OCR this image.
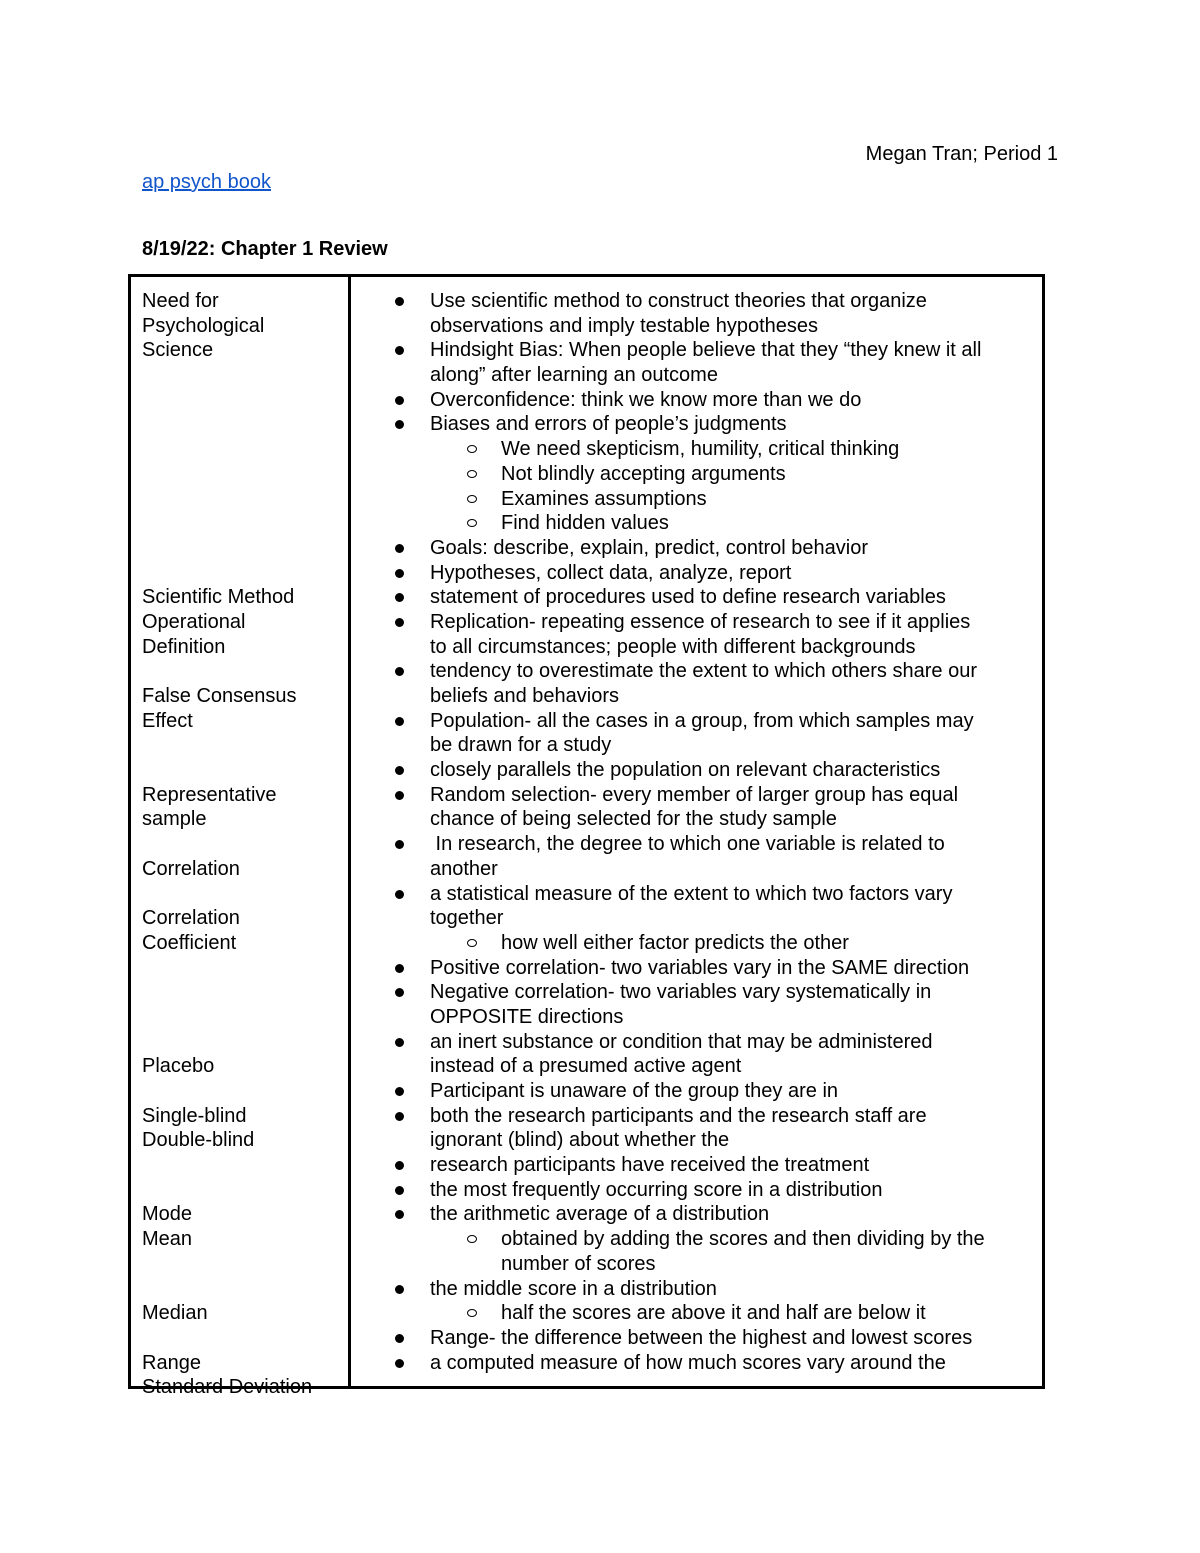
Megan Tran; Period 1
ap psych book
8/19/22: Chapter 1 Review
Need for
Psychological
Science
Scientific Method
Operational
Definition
False Consensus
Effect
Representative
sample
Correlation
Correlation
Coefficient
Placebo
Single-blind
Double-blind
Mode
Mean
Median
Range
Standard Deviation
Use scientific method to construct theories that organize
observations and imply testable hypotheses
Hindsight Bias: When people believe that they “they knew it all
along” after learning an outcome
Overconfidence: think we know more than we do
Biases and errors of people’s judgments
We need skepticism, humility, critical thinking
Not blindly accepting arguments
Examines assumptions
Find hidden values
Goals: describe, explain, predict, control behavior
Hypotheses, collect data, analyze, report
statement of procedures used to define research variables
Replication- repeating essence of research to see if it applies
to all circumstances; people with different backgrounds
tendency to overestimate the extent to which others share our
beliefs and behaviors
Population- all the cases in a group, from which samples may
be drawn for a study
closely parallels the population on relevant characteristics
Random selection- every member of larger group has equal
chance of being selected for the study sample
In research, the degree to which one variable is related to
another
a statistical measure of the extent to which two factors vary
together
how well either factor predicts the other
Positive correlation- two variables vary in the SAME direction
Negative correlation- two variables vary systematically in
OPPOSITE directions
an inert substance or condition that may be administered
instead of a presumed active agent
Participant is unaware of the group they are in
both the research participants and the research staff are
ignorant (blind) about whether the
research participants have received the treatment
the most frequently occurring score in a distribution
the arithmetic average of a distribution
obtained by adding the scores and then dividing by the
number of scores
the middle score in a distribution
half the scores are above it and half are below it
Range- the difference between the highest and lowest scores
a computed measure of how much scores vary around the
